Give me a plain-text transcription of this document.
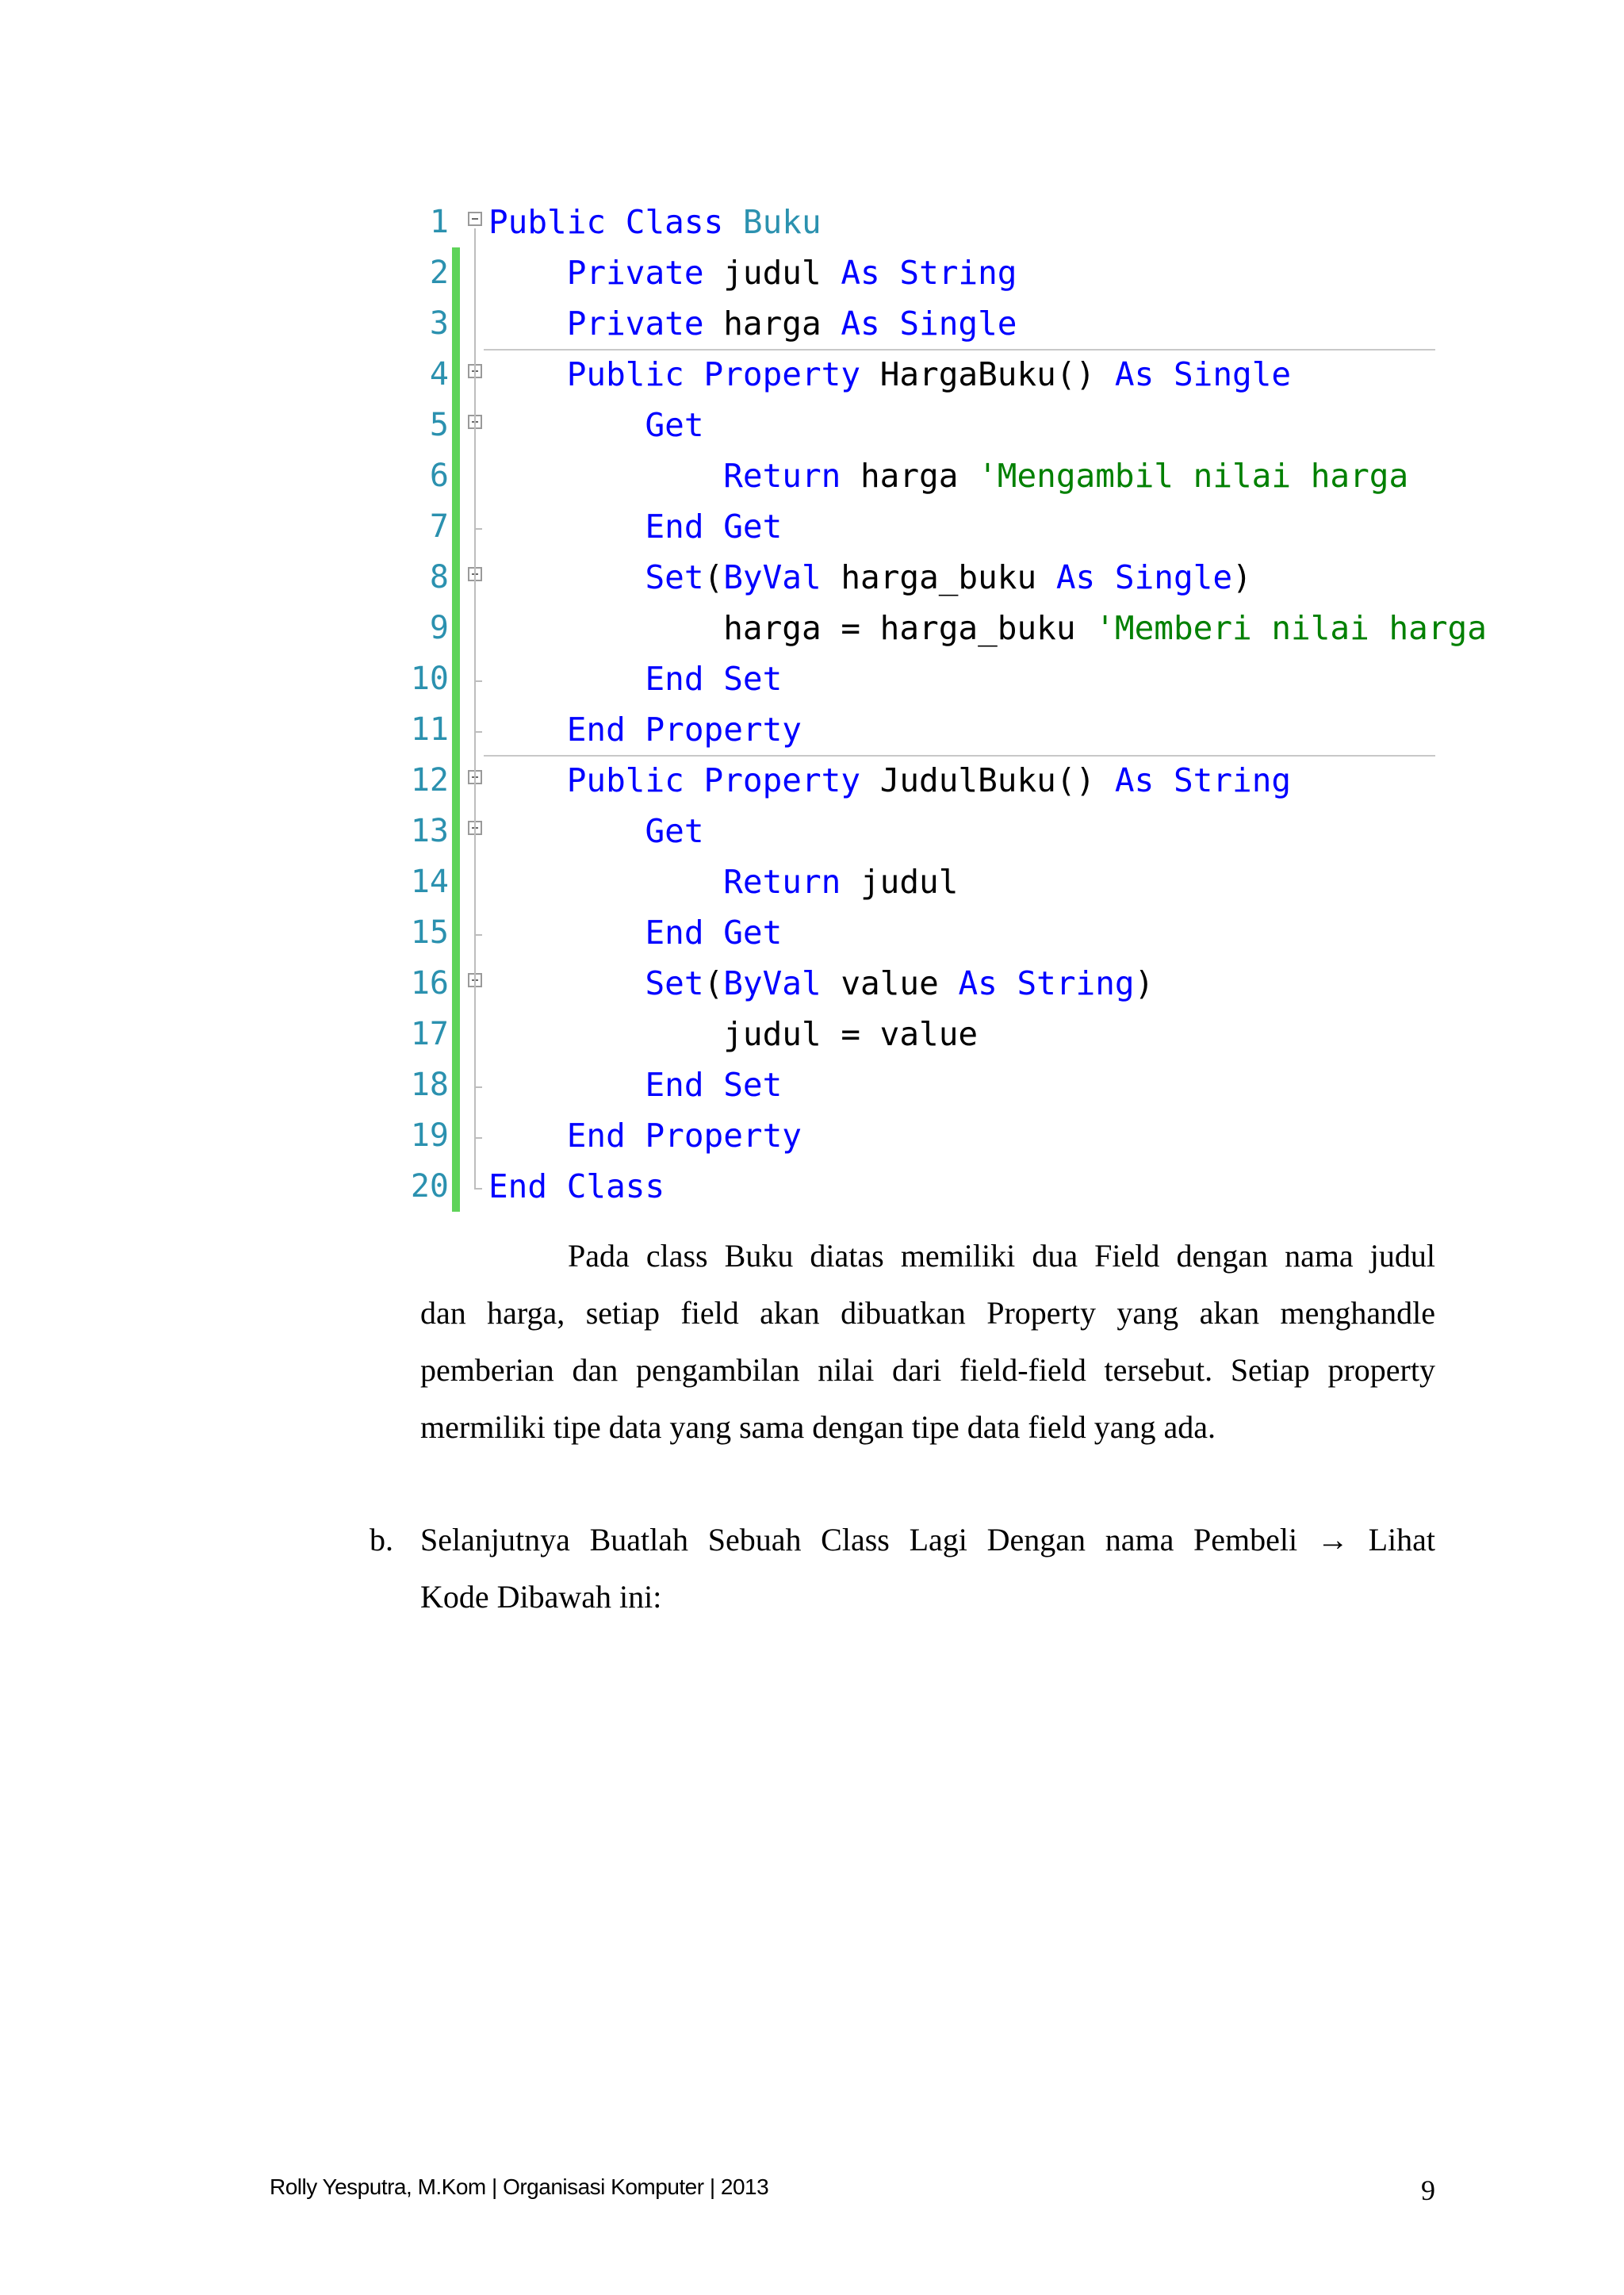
1 Public Class Buku
2 Private judul As String
3 Private harga As Single
4 Public Property HargaBuku() As Single
5 Get
6 Return harga 'Mengambil nilai harga
7 End Get
8 Set(ByVal harga_buku As Single)
9 harga = harga_buku 'Memberi nilai harga
10 End Set
11 End Property
12 Public Property JudulBuku() As String
13 Get
14 Return judul
15 End Get
16 Set(ByVal value As String)
17 judul = value
18 End Set
19 End Property
20 End Class
Pada class Buku diatas memiliki dua Field dengan nama judul
dan harga, setiap field akan dibuatkan Property yang akan menghandle
pemberian dan pengambilan nilai dari field-field tersebut. Setiap property
mermiliki tipe data yang sama dengan tipe data field yang ada.
b. Selanjutnya Buatlah Sebuah Class Lagi Dengan nama Pembeli → Lihat
Kode Dibawah ini:
Rolly Yesputra, M.Kom | Organisasi Komputer | 2013	9
